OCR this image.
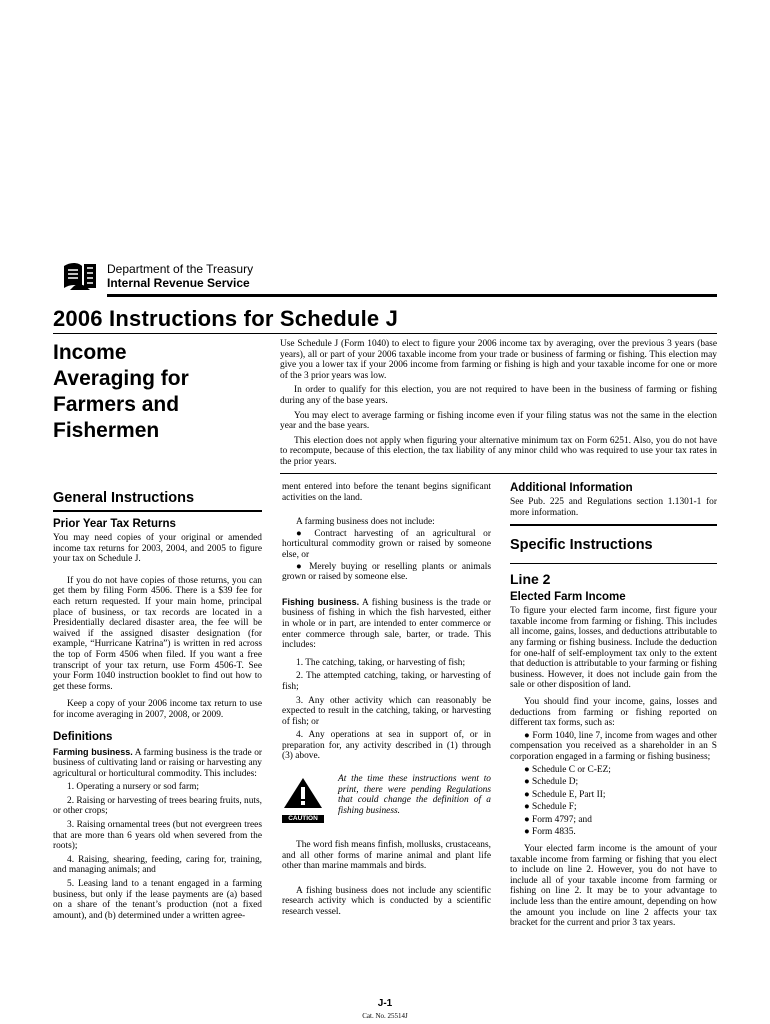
Department of the Treasury
Internal Revenue Service
2006 Instructions for Schedule J
Income
Averaging for
Farmers and
Fishermen

Use Schedule J (Form 1040) to elect to figure your 2006 income tax by averaging, over the previous 3 years (base years), all or part of your 2006 taxable income from your trade or business of farming or fishing. This election may give you a lower tax if your 2006 income from farming or fishing is high and your taxable income for one or more of the 3 prior years was low.

In order to qualify for this election, you are not required to have been in the business of farming or fishing during any of the base years.

You may elect to average farming or fishing income even if your filing status was not the same in the election year and the base years.

This election does not apply when figuring your alternative minimum tax on Form 6251. Also, you do not have to recompute, because of this election, the tax liability of any minor child who was required to use your tax rates in the prior years.

General Instructions
Prior Year Tax Returns

You may need copies of your original or amended income tax returns for 2003, 2004, and 2005 to figure your tax on Schedule J.

If you do not have copies of those returns, you can get them by filing Form 4506. There is a $39 fee for each return requested. If your main home, principal place of business, or tax records are located in a Presidentially declared disaster area, the fee will be waived if the assigned disaster designation (for example, “Hurricane Katrina”) is written in red across the top of Form 4506 when filed. If you want a free transcript of your tax return, use Form 4506-T. See your Form 1040 instruction booklet to find out how to get these forms.

Keep a copy of your 2006 income tax return to use for income averaging in 2007, 2008, or 2009.

Definitions

Farming business. A farming business is the trade or business of cultivating land or raising or harvesting any agricultural or horticultural commodity. This includes:

1. Operating a nursery or sod farm;

2. Raising or harvesting of trees bearing fruits, nuts, or other crops;

3. Raising ornamental trees (but not evergreen trees that are more than 6 years old when severed from the roots);

4. Raising, shearing, feeding, caring for, training, and managing animals; and

5. Leasing land to a tenant engaged in a farming business, but only if the lease payments are (a) based on a share of the tenant’s production (not a fixed amount), and (b) determined under a written agree-

ment entered into before the tenant begins significant activities on the land.

A farming business does not include:

● Contract harvesting of an agricultural or horticultural commodity grown or raised by someone else, or

● Merely buying or reselling plants or animals grown or raised by someone else.

Fishing business. A fishing business is the trade or business of fishing in which the fish harvested, either in whole or in part, are intended to enter commerce or enter commerce through sale, barter, or trade. This includes:

1. The catching, taking, or harvesting of fish;

2. The attempted catching, taking, or harvesting of fish;

3. Any other activity which can reasonably be expected to result in the catching, taking, or harvesting of fish; or

4. Any operations at sea in support of, or in preparation for, any activity described in (1) through (3) above.

CAUTION

At the time these instructions went to print, there were pending Regulations that could change the definition of a fishing business.

The word fish means finfish, mollusks, crustaceans, and all other forms of marine animal and plant life other than marine mammals and birds.

A fishing business does not include any scientific research activity which is conducted by a scientific research vessel.

Additional Information

See Pub. 225 and Regulations section 1.1301-1 for more information.

Specific Instructions
Line 2
Elected Farm Income

To figure your elected farm income, first figure your taxable income from farming or fishing. This includes all income, gains, losses, and deductions attributable to any farming or fishing business. Include the deduction for one-half of self-employment tax only to the extent that deduction is attributable to your farming or fishing business. However, it does not include gain from the sale or other disposition of land.

You should find your income, gains, losses and deductions from farming or fishing reported on different tax forms, such as:

● Form 1040, line 7, income from wages and other compensation you received as a shareholder in an S corporation engaged in a farming or fishing business;
● Schedule C or C-EZ;
● Schedule D;
● Schedule E, Part II;
● Schedule F;
● Form 4797; and
● Form 4835.

Your elected farm income is the amount of your taxable income from farming or fishing that you elect to include on line 2. However, you do not have to include all of your taxable income from farming or fishing on line 2. It may be to your advantage to include less than the entire amount, depending on how the amount you include on line 2 affects your tax bracket for the current and prior 3 tax years.

J-1
Cat. No. 25514J
